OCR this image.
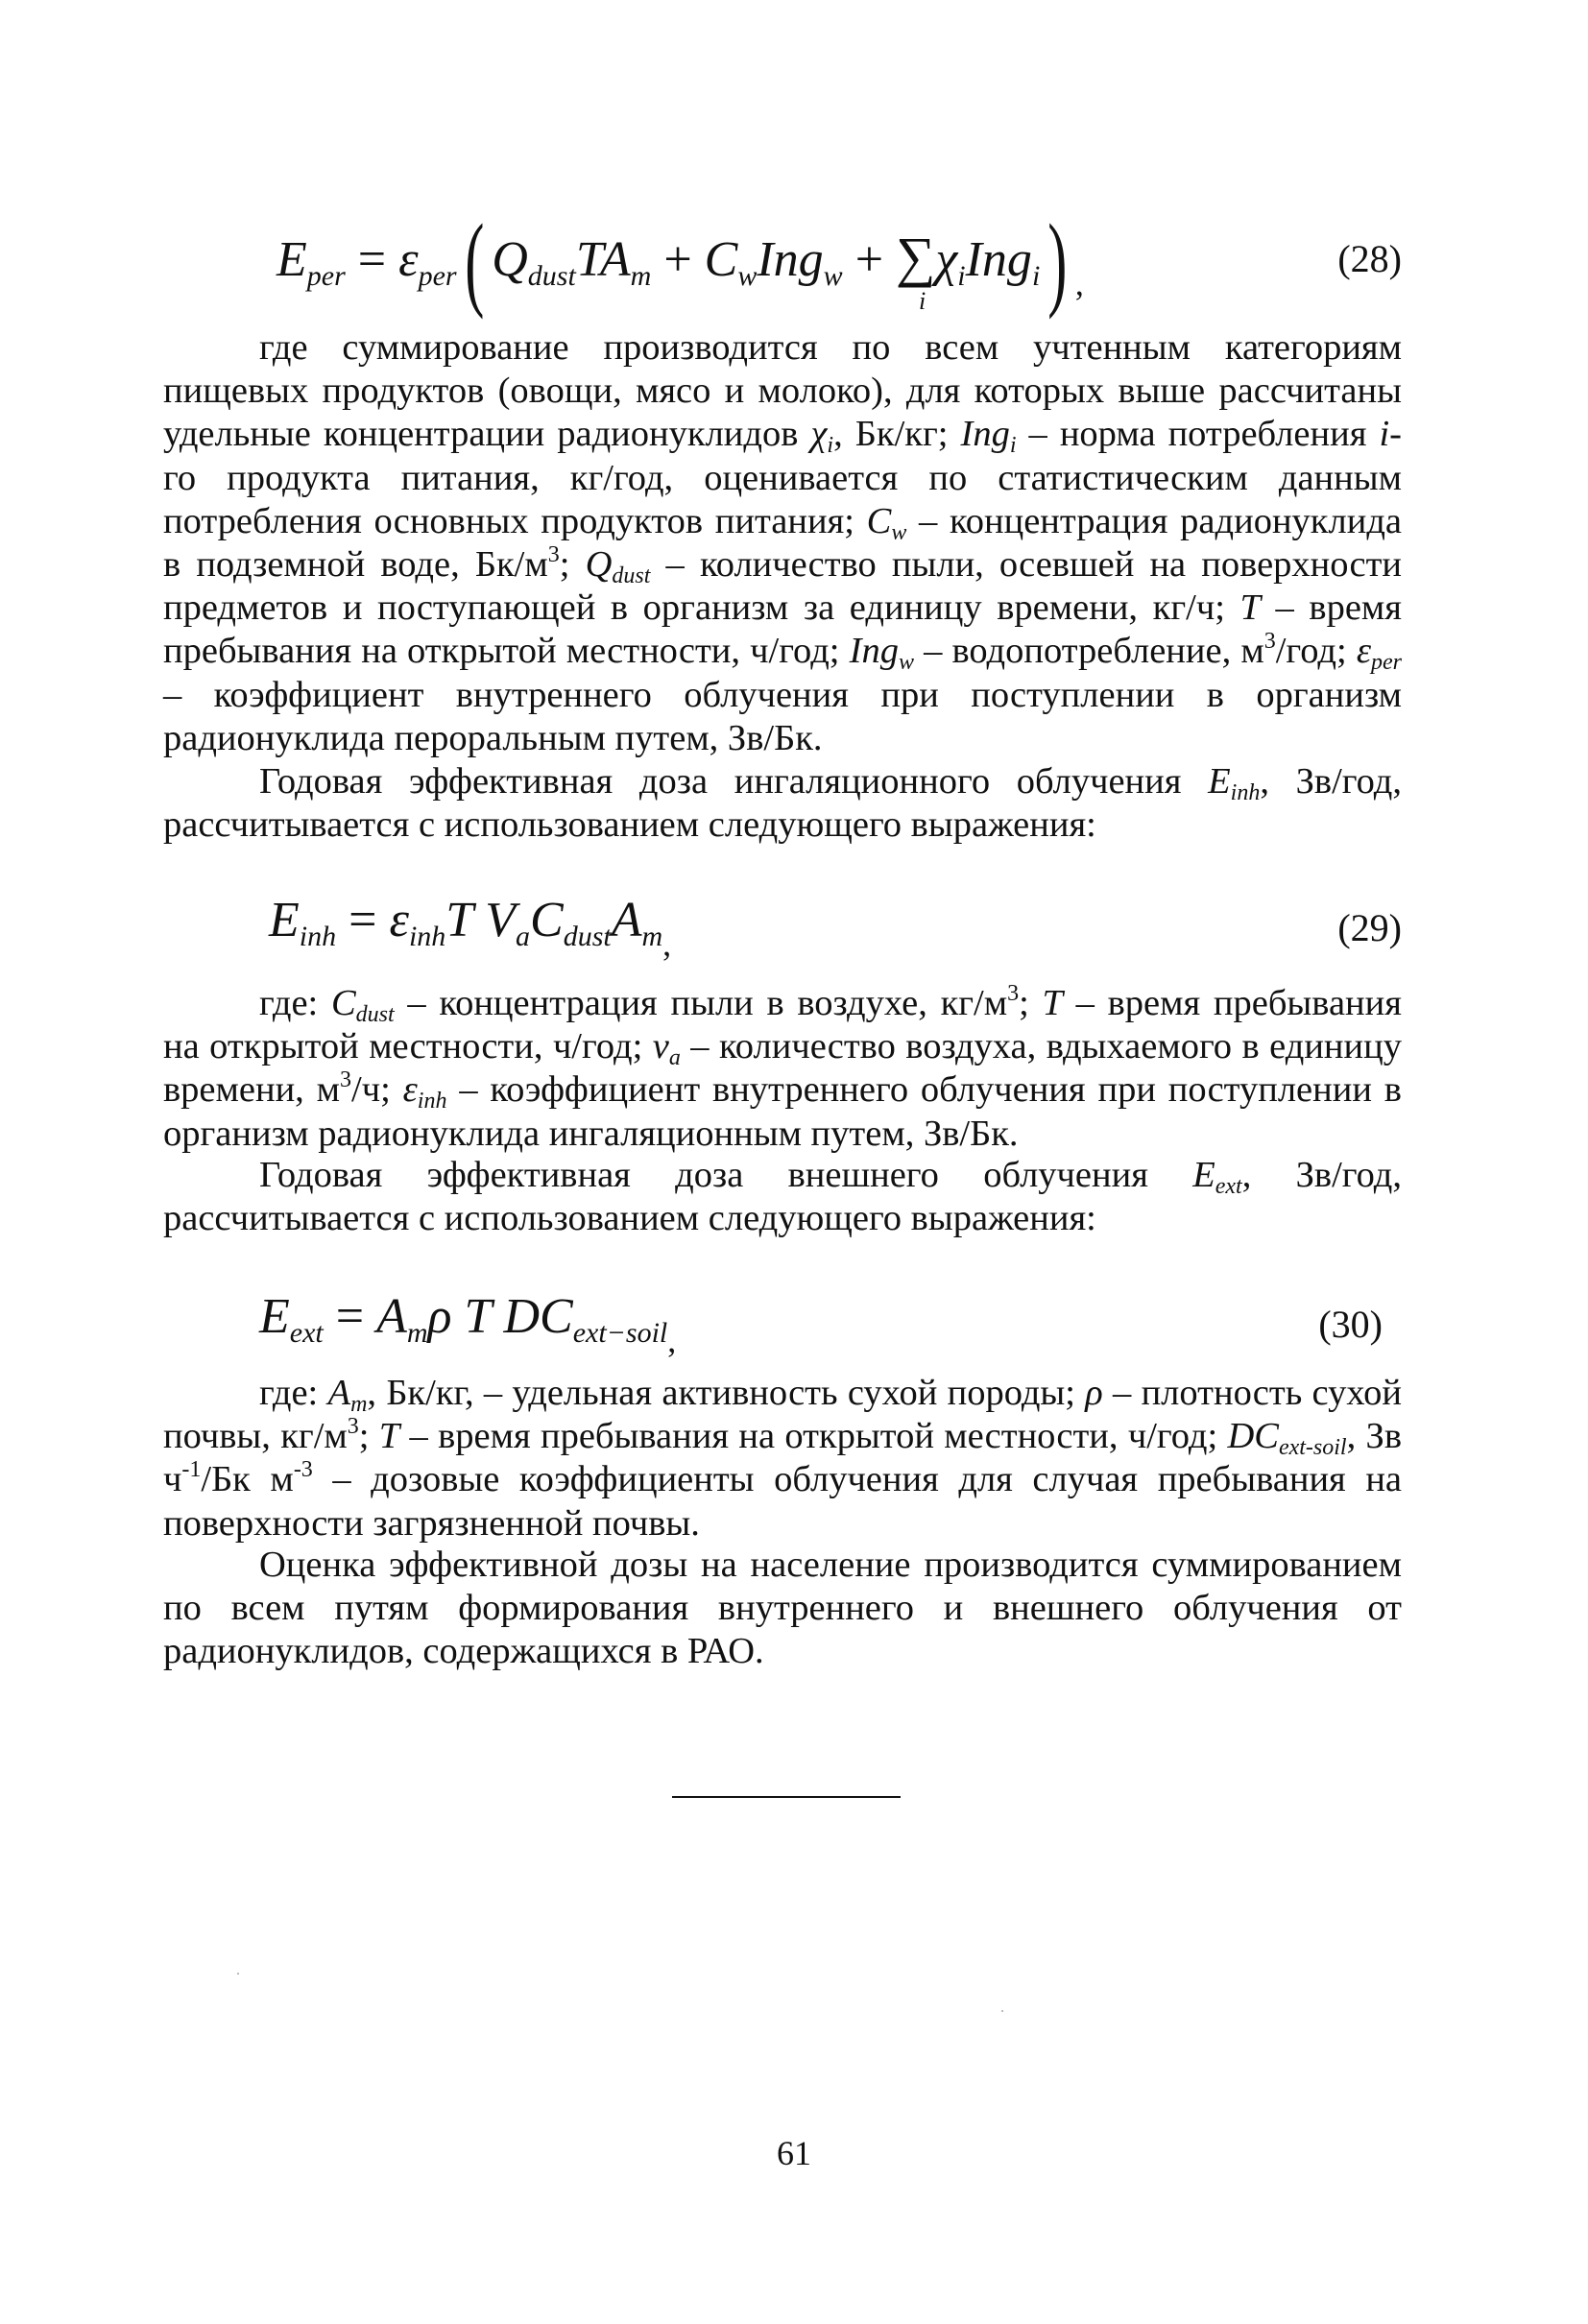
$E_{per} = \varepsilon_{per}$( $Q_{dust}TA_m + C_wIng_w$ + ∑
i
$\chi_iIng_i$) $_,$
(28)

где суммирование производится по всем учтенным категориям пищевых продуктов (овощи, мясо и молоко), для которых выше рассчитаны удельные концентрации радионуклидов $\chi_i$, Бк/кг; Ing$_i$ – норма потребления i-го продукта питания, кг/год, оценивается по статистическим данным потребления основных продуктов питания; $C_w$ – концентрация радионуклида в подземной воде, $Бк/м^3$; $Q_{dust}$ – количество пыли, осевшей на поверхности предметов и поступающей в организм за единицу времени, кг/ч; T – время пребывания на открытой местности, ч/год; Ing$_w$ – водопотребление, $м^3$/год; $\varepsilon_{per}$ – коэффициент внутреннего облучения при поступлении в организм радионуклида пероральным путем, Зв/Бк.

Годовая эффективная доза ингаляционного облучения $E_{inh}$, Зв/год, рассчитывается с использованием следующего выражения:

$E_{inh} = \varepsilon_{inh}T$ $V_aC_{dust}A_{m,}$	(29)

где: $C_{dust}$ – концентрация пыли в воздухе, $кг/м^3$; T – время пребывания на открытой местности, ч/год; $v_a$ – количество воздуха, вдыхаемого в единицу времени, $м^3/ч$; $\varepsilon_{inh}$ – коэффициент внутреннего облучения при поступлении в организм радионуклида ингаляционным путем, Зв/Бк.

Годовая эффективная доза внешнего облучения $E_{ext}$, Зв/год, рассчитывается с использованием следующего выражения:

$E_{ext} = A_m\rho$ T $DC_{ext-soil,}$	(30)

где: $A_m$, Бк/кг, – удельная активность сухой породы; ρ – плотность сухой почвы, $кг/м^3$; T – время пребывания на открытой местности, ч/год; $DC_{ext-soil}$, Зв $ч^{-1}/Бк$ $м^{-3}$ – дозовые коэффициенты облучения для случая пребывания на поверхности загрязненной почвы.

Оценка эффективной дозы на население производится суммированием по всем путям формирования внутреннего и внешнего облучения от радионуклидов, содержащихся в РАО.

61
